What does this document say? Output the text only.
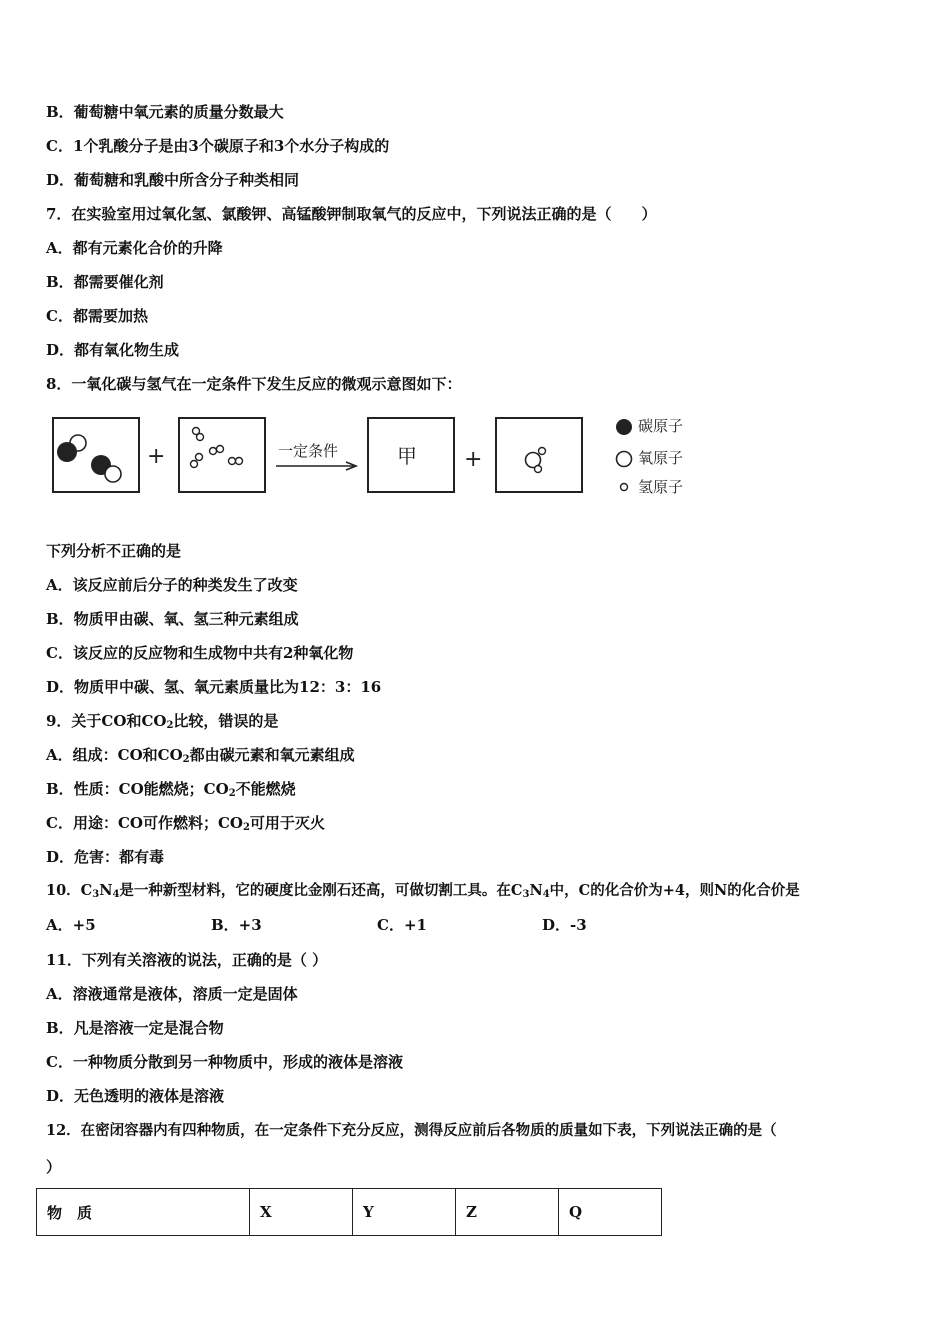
B．葡萄糖中氧元素的质量分数最大
C．1个乳酸分子是由3个碳原子和3个水分子构成的
D．葡萄糖和乳酸中所含分子种类相同
7．在实验室用过氧化氢、氯酸钾、高锰酸钾制取氧气的反应中，下列说法正确的是（　　）
A．都有元素化合价的升降
B．都需要催化剂
C．都需要加热
D．都有氧化物生成
8．一氧化碳与氢气在一定条件下发生反应的微观示意图如下：
+	一定条件	甲 +
碳原子
氧原子
氢原子
下列分析不正确的是
A．该反应前后分子的种类发生了改变
B．物质甲由碳、氧、氢三种元素组成
C．该反应的反应物和生成物中共有2种氧化物
D．物质甲中碳、氢、氧元素质量比为12：3：16
9．关于CO和$CO_2$比较，错误的是
A．组成：CO和$CO_2$都由碳元素和氧元素组成
B．性质：CO能燃烧；$CO_2$不能燃烧
C．用途：CO可作燃料；$CO_2$可用于灭火
D．危害：都有毒
10．$C_3N_4$是一种新型材料，它的硬度比金刚石还高，可做切割工具。在$C_3N_4$中，C的化合价为+4，则N的化合价是
A．+5	B．+3	C．+1	D．-3
11．下列有关溶液的说法，正确的是（ ）
A．溶液通常是液体，溶质一定是固体
B．凡是溶液一定是混合物
C．一种物质分散到另一种物质中，形成的液体是溶液
D．无色透明的液体是溶液
12．在密闭容器内有四种物质，在一定条件下充分反应，测得反应前后各物质的质量如下表，下列说法正确的是（
）
物　质	X	Y	Z	Q
